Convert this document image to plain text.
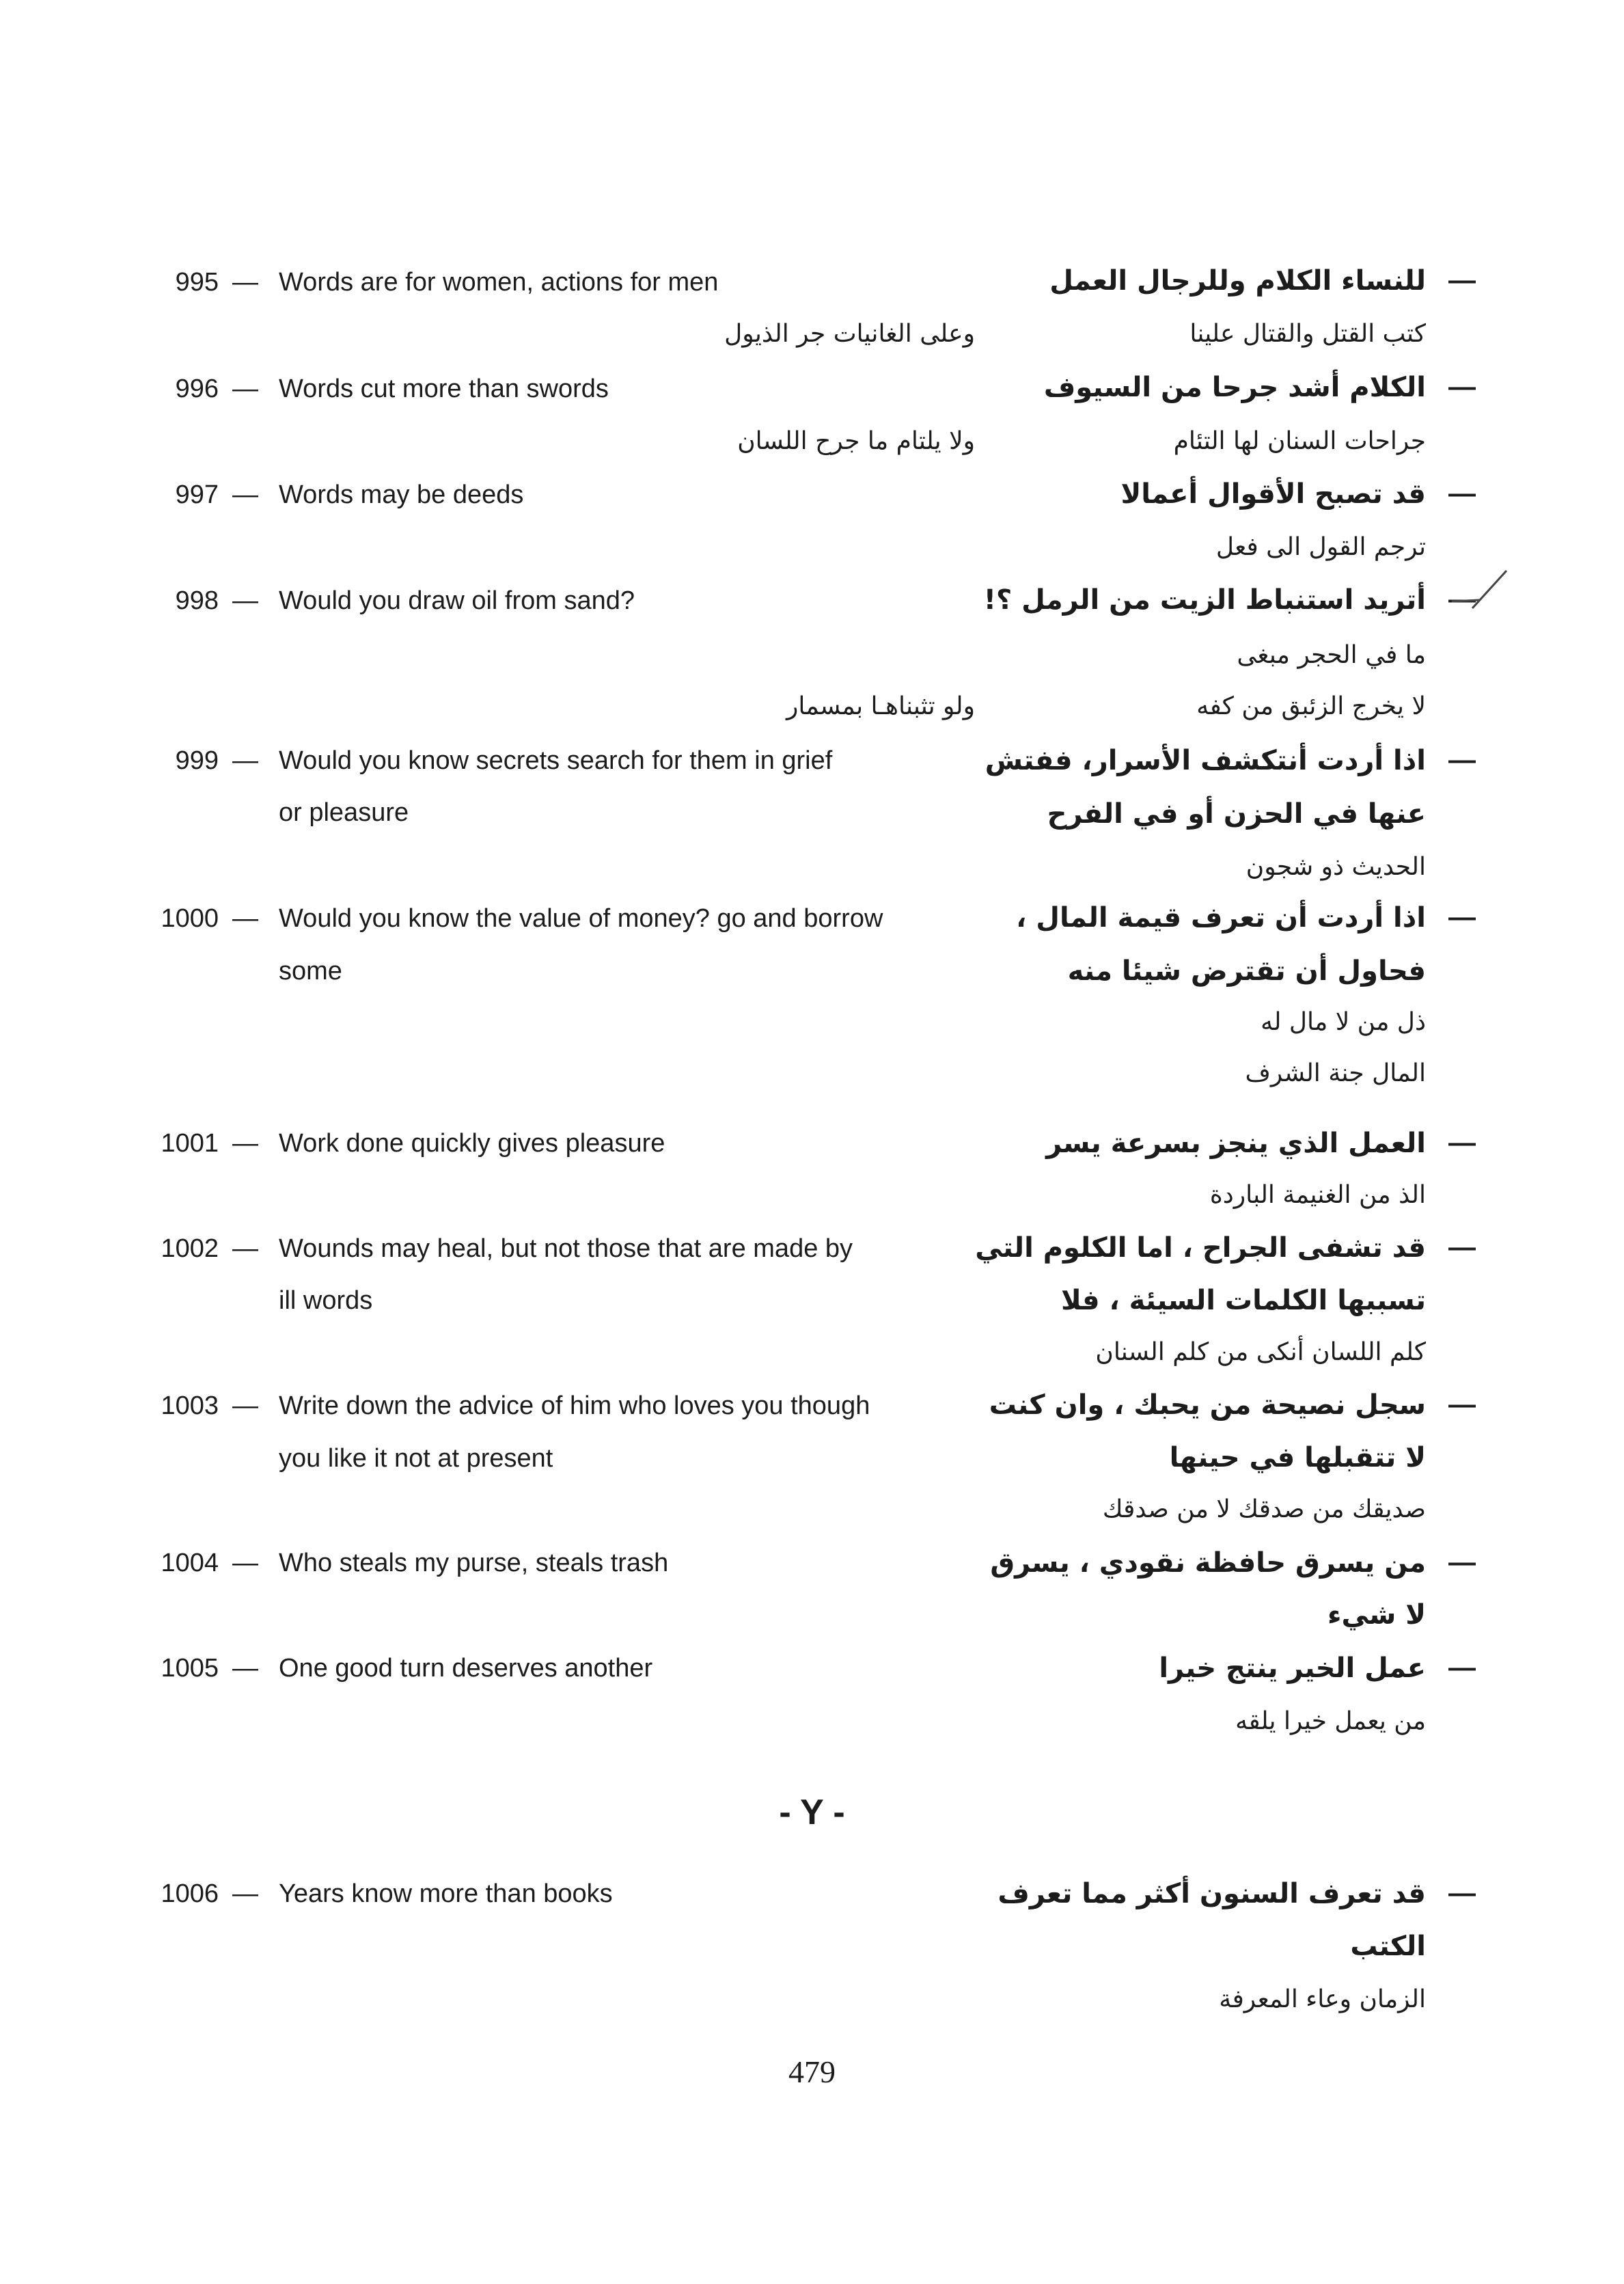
995 — Words are for women, actions for men	—
للنساء الكلام وللرجال العمل
كتب القتل والقتال علينا
وعلى الغانيات جر الذيول
996 — Words cut more than swords	—
الكلام أشد جرحا من السيوف
جراحات السنان لها التئام
ولا يلتام ما جرح اللسان
997 — Words may be deeds	—
قد تصبح الأقوال أعمالا
ترجم القول الى فعل
998 — Would you draw oil from sand?	—
أتريد استنباط الزيت من الرمل ؟!
ما في الحجر مبغى
لا يخرج الزئبق من كفه
ولو تثبناهـا بمسمار
999 — Would you know secrets search for them in grief
or pleasure
—
اذا أردت أنتكشف الأسرار، ففتش
عنها في الحزن أو في الفرح
الحديث ذو شجون
1000 — Would you know the value of money? go and borrow
some
—
اذا أردت أن تعرف قيمة المال ،
فحاول أن تقترض شيئا منه
ذل من لا مال له
المال جنة الشرف
1001 — Work done quickly gives pleasure	—
العمل الذي ينجز بسرعة يسر
الذ من الغنيمة الباردة
1002 — Wounds may heal, but not those that are made by
ill words
—
قد تشفى الجراح ، اما الكلوم التي
تسببها الكلمات السيئة ، فلا
كلم اللسان أنكى من كلم السنان
1003 — Write down the advice of him who loves you though
you like it not at present
—
سجل نصيحة من يحبك ، وان كنت
لا تتقبلها في حينها
صديقك من صدقك لا من صدقك
1004 — Who steals my purse, steals trash	—
من يسرق حافظة نقودي ، يسرق
لا شيء
1005 — One good turn deserves another	—
عمل الخير ينتج خيرا
من يعمل خيرا يلقه
- Y -
1006 — Years know more than books	—
قد تعرف السنون أكثر مما تعرف
الكتب
الزمان وعاء المعرفة
479
